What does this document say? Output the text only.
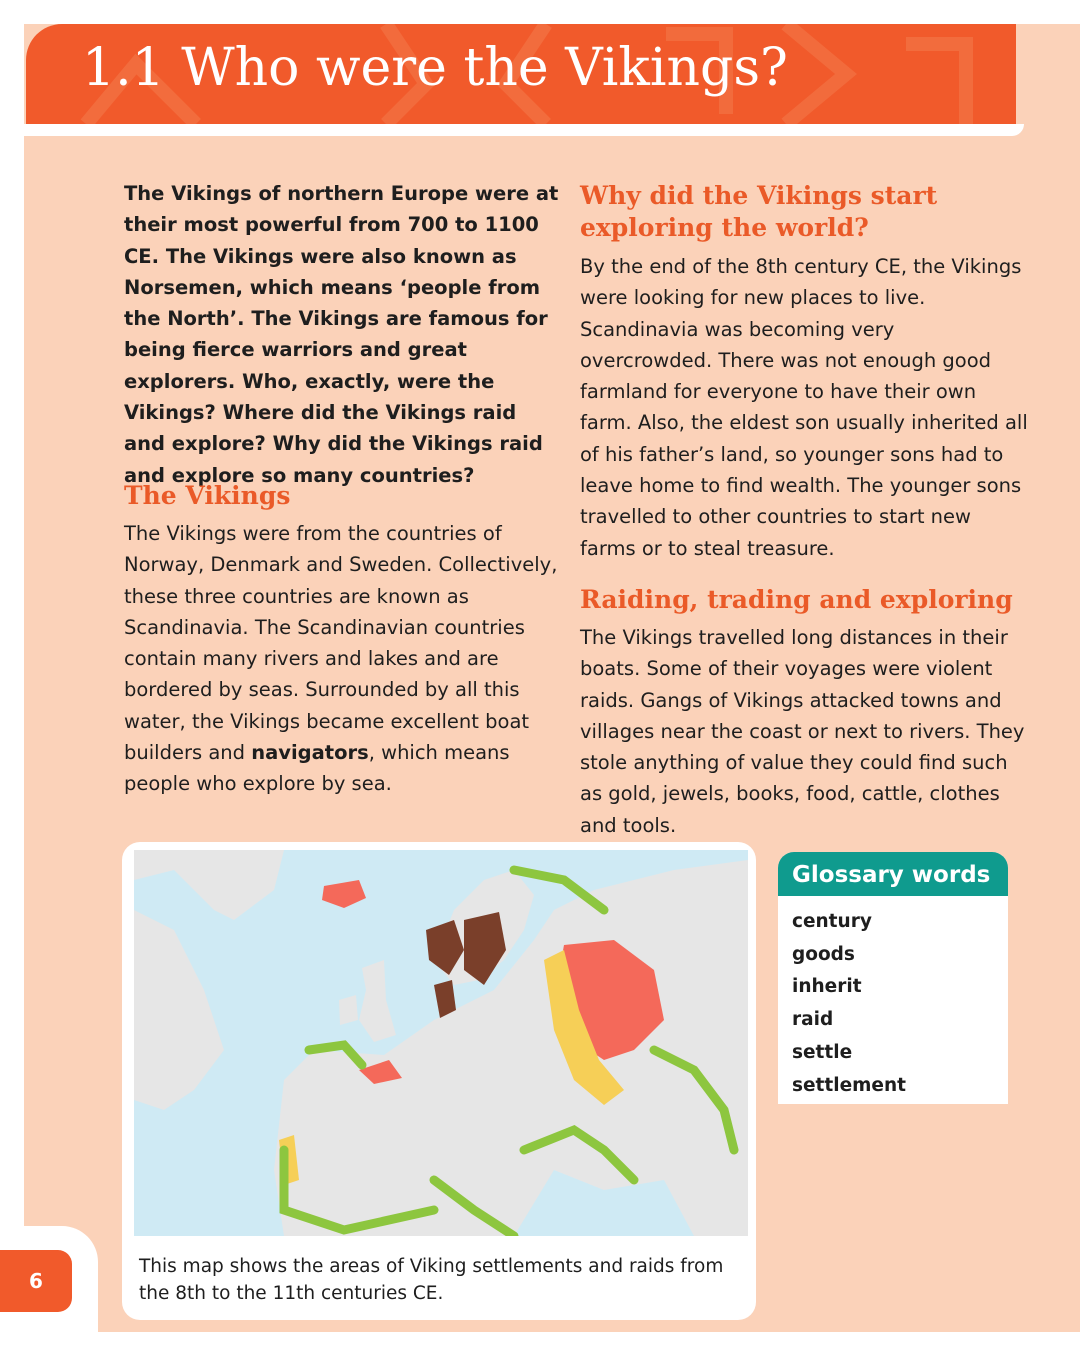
1.1 Who were the Vikings?

The Vikings of northern Europe were at their most powerful from 700 to 1100 CE. The Vikings were also known as Norsemen, which means ‘people from the North’. The Vikings are famous for being fierce warriors and great explorers. Who, exactly, were the Vikings? Where did the Vikings raid and explore? Why did the Vikings raid and explore so many countries?

The Vikings

The Vikings were from the countries of Norway, Denmark and Sweden. Collectively, these three countries are known as Scandinavia. The Scandinavian countries contain many rivers and lakes and are bordered by seas. Surrounded by all this water, the Vikings became excellent boat builders and navigators, which means people who explore by sea.

Why did the Vikings start exploring the world?

By the end of the 8th century CE, the Vikings were looking for new places to live. Scandinavia was becoming very overcrowded. There was not enough good farmland for everyone to have their own farm. Also, the eldest son usually inherited all of his father’s land, so younger sons had to leave home to find wealth. The younger sons travelled to other countries to start new farms or to steal treasure.

Raiding, trading and exploring

The Vikings travelled long distances in their boats. Some of their voyages were violent raids. Gangs of Vikings attacked towns and villages near the coast or next to rivers. They stole anything of value they could find such as gold, jewels, books, food, cattle, clothes and tools.

This map shows the areas of Viking settlements and raids from the 8th to the 11th centuries CE.
Glossary words
century
goods
inherit
raid
settle
settlement
6
